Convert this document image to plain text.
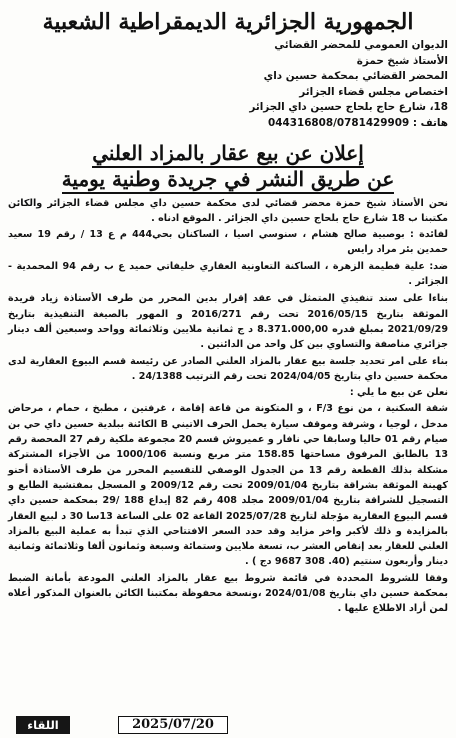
الجمهورية الجزائرية الديمقراطية الشعبية
الديوان العمومي للمحضر القضائي
الأستاذ شيخ حمزة
المحضر القضائي بمحكمة حسين داي
اختصاص مجلس قضاء الجزائر
18، شارع حاج بلحاج حسين داي الجزائر
هاتف : 044316808/0781429909
إعلان عن بيع عقار بالمزاد العلني
عن طريق النشر في جريدة وطنية يومية

نحن الأستاذ شيخ حمزة محضر قضائي لدى محكمة حسين داي مجلس قضاء الجزائر والكائن مكتبنا ب 18 شارع حاج بلحاج حسين داي الجزائر . الموقع ادناه .

لفائدة : بوصبية صالح هشام ، سنوسي اسيا ، الساكنان بحي444 م ع 13 / رقم 19 سعيد حمدين بئر مراد رايس

ضد: علية فطيمة الزهرة ، الساكنة التعاونية العقاري خليفاتي حميد ع ب رقم 94 المحمدية - الجزائر .

بناءا على سند تنفيذي المتمثل في عقد إقرار بدين المحرر من طرف الأستاذة زياد فريدة الموثقة بتاريخ 2016/05/15 تحت رقم 2016/271 و المهور بالصيغة التنفيذية بتاريخ 2021/09/29 بمبلغ قدره 8.371.000,00 د ج ثمانية ملايين وثلاثمائة وواحد وسبعين ألف دينار جزائري مناصفة والتساوي بين كل واحد من الدائنين .

بناء على امر تحديد جلسة بيع عقار بالمزاد العلني الصادر عن رئيسة قسم البيوع العقارية لدى محكمة حسين داي بتاريخ 2024/04/05 تحت رقم الترتيب 24/1388 .

نعلن عن بيع ما يلي :

شقة السكنية ، من نوع 3/F ، و المتكونة من قاعة إقامة ، غرفتين ، مطبخ ، حمام ، مرحاض مدخل ، لوجيا ، وشرفة وموقف سيارة يحمل الحرف الاتيني B الكائنة ببلدية حسين داي حي بن صيام رقم 01 حاليا وسابقا حي نافار و عميروش قسم 20 مجموعة ملكية رقم 27 المحصة رقم 13 بالطابق المرفوق مساحتها 158.85 متر مربع ونسبة 1000/106 من الأجزاء المشتركة مشكلة بذلك القطعة رقم 13 من الجدول الوصفي للتقسيم المحرر من طرف الأستاذة أحنو كهينة الموثقة بشراقة بتاريخ 2009/01/04 تحت رقم 2009/12 و المسجل بمفتشية الطابع و التسجيل للشراقة بتاريخ 2009/01/04 مجلد 408 رقم 82 إيداع 188 /29 بمحكمة حسين داي قسم البيوع العقارية مؤجلة لتاريخ 2025/07/28 القاعة 02 على الساعة 13سا 30 د لبيع العقار بالمزايدة و ذلك لأكبر واخر مزايد وقد حدد السعر الافتتاحي الذي تبدأ به عملية البيع بالمزاد العلني للعقار بعد إنقاص العشر ب، تسعة ملايين وستمائة وسبعة وثمانون ألفا وثلاثمائة وثمانية دينار وأربعون سنتيم (40. 308 9687 دج ) .

وفقا للشروط المحددة في قائمة شروط بيع عقار بالمزاد العلني المودعة بأمانة الضبط بمحكمة حسين داي بتاريخ 2024/01/08 ،ونسخة محفوظة بمكتبنا الكائن بالعنوان المذكور أعلاه لمن أراد الاطلاع عليها .

اللقاء	2025/07/20
